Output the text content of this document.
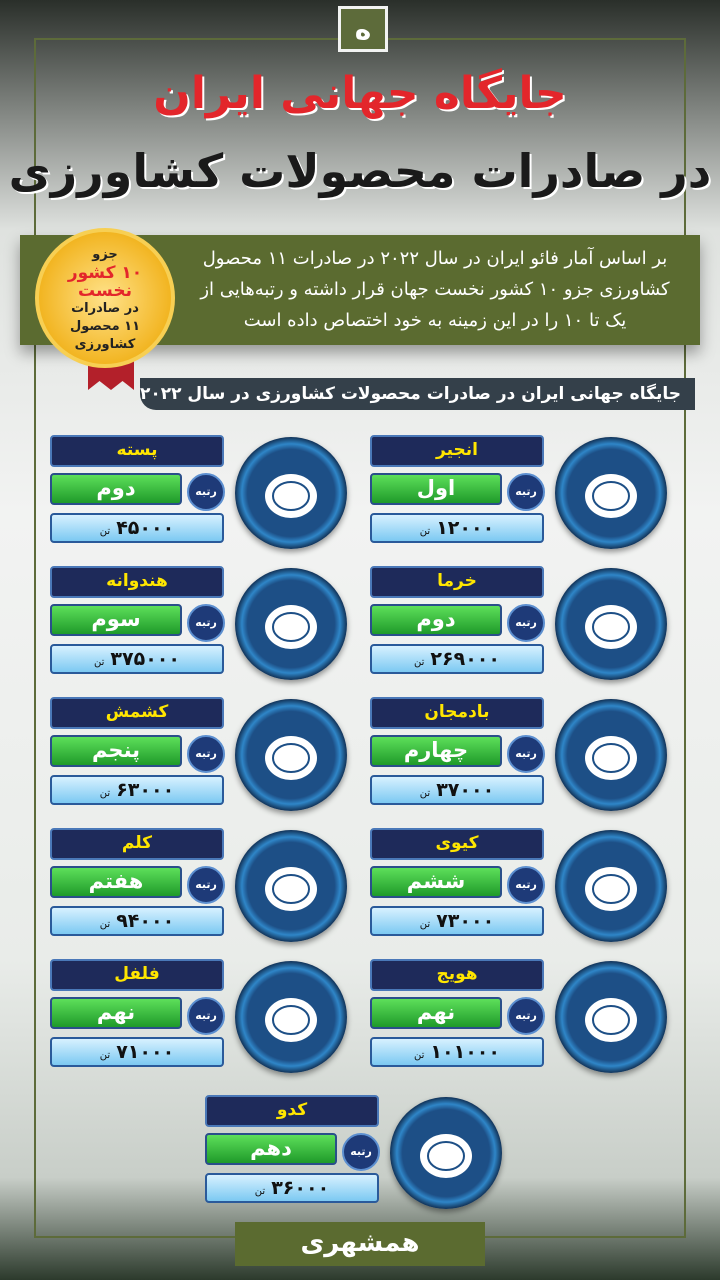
ه
جایگاه جهانی ایران
در صادرات محصولات کشاورزی

بر اساس آمار فائو ایران در سال ۲۰۲۲ در صادرات ۱۱ محصول کشاورزی جزو ۱۰ کشور نخست جهان قرار داشته و رتبه‌هایی از یک تا ۱۰ را در این زمینه به خود اختصاص داده است

جزو
۱۰ کشور نخست
در صادرات
۱۱ محصول
کشاورزی
جایگاه جهانی ایران در صادرات محصولات کشاورزی در سال ۲۰۲۲
انجیر
رتبه
اول
۱۲۰۰۰تن
پسته
رتبه
دوم
۴۵۰۰۰تن
خرما
رتبه
دوم
۲۶۹۰۰۰تن
هندوانه
رتبه
سوم
۳۷۵۰۰۰تن
بادمجان
رتبه
چهارم
۳۷۰۰۰تن
کشمش
رتبه
پنجم
۶۳۰۰۰تن
کیوی
رتبه
ششم
۷۳۰۰۰تن
کلم
رتبه
هفتم
۹۴۰۰۰تن
هویج
رتبه
نهم
۱۰۱۰۰۰تن
فلفل
رتبه
نهم
۷۱۰۰۰تن
کدو
رتبه
دهم
۳۶۰۰۰تن
همشهری
